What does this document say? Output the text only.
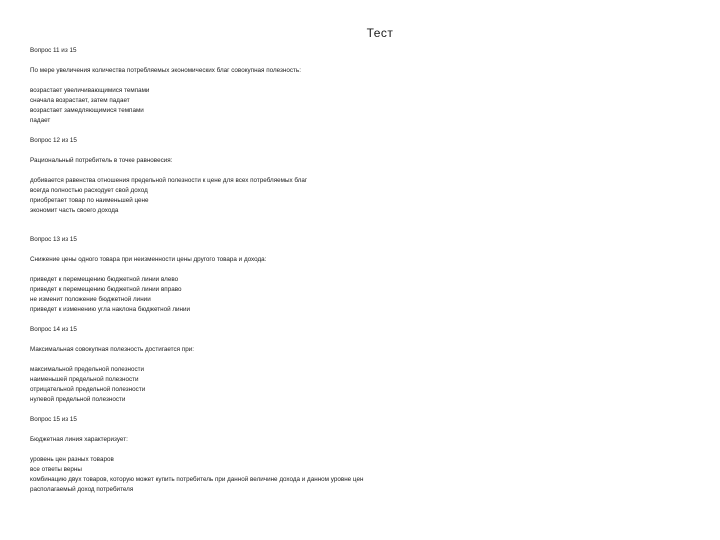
Тест
Вопрос 11 из 15
По мере увеличения количества потребляемых экономических благ совокупная полезность:
возрастает увеличивающимися темпами
сначала возрастает, затем падает
возрастает замедляющимися темпами
падает
Вопрос 12 из 15
Рациональный потребитель в точке равновесия:
добивается равенства отношения предельной полезности к цене для всех потребляемых благ
всегда полностью расходует свой доход
приобретает товар по наименьшей цене
экономит часть своего дохода
Вопрос 13 из 15
Снижение цены одного товара при неизменности цены другого товара и дохода:
приведет к перемещению бюджетной линии влево
приведет к перемещению бюджетной линии вправо
не изменит положение бюджетной линии
приведет к изменению угла наклона бюджетной линии
Вопрос 14 из 15
Максимальная совокупная полезность достигается при:
максимальной предельной полезности
наименьшей предельной полезности
отрицательной предельной полезности
нулевой предельной полезности
Вопрос 15 из 15
Бюджетная линия характеризует:
уровень цен разных товаров
все ответы верны
комбинацию двух товаров, которую может купить потребитель при данной величине дохода и данном уровне цен
располагаемый доход потребителя
